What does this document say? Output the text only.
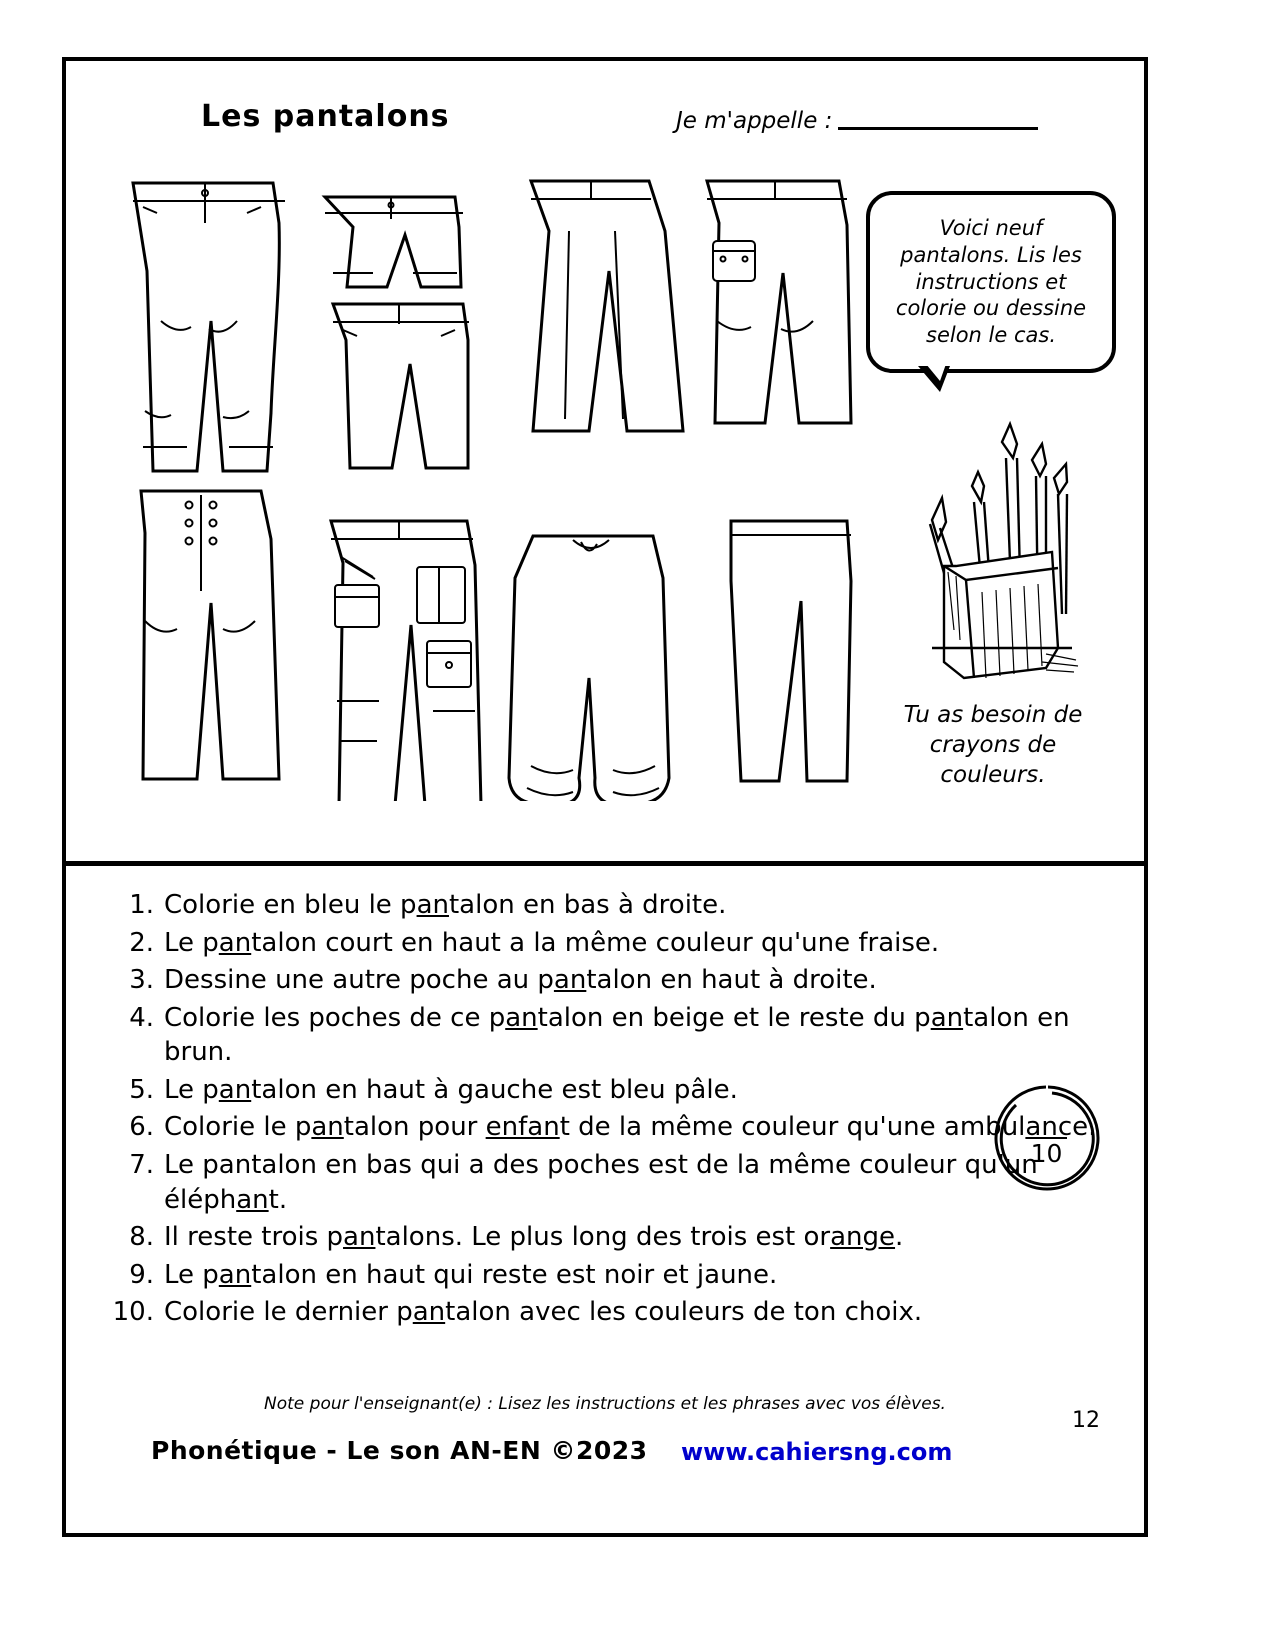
Les pantalons	Je m'appelle :
Voici neuf pantalons. Lis les instructions et colorie ou dessine selon le cas.
Tu as besoin de crayons de couleurs.
1. Colorie en bleu le pantalon en bas à droite.
2. Le pantalon court en haut a la même couleur qu'une fraise.
3. Dessine une autre poche au pantalon en haut à droite.
4. Colorie les poches de ce pantalon en beige et le reste du pantalon en brun.
5. Le pantalon en haut à gauche est bleu pâle.
6. Colorie le pantalon pour enfant de la même couleur qu'une ambulance.
7. Le pantalon en bas qui a des poches est de la même couleur qu'un éléphant.
8. Il reste trois pantalons. Le plus long des trois est orange.
9. Le pantalon en haut qui reste est noir et jaune.
10. Colorie le dernier pantalon avec les couleurs de ton choix.
10
Note pour l'enseignant(e) : Lisez les instructions et les phrases avec vos élèves.
Phonétique - Le son AN-EN ©2023 www.cahiersng.com
12
